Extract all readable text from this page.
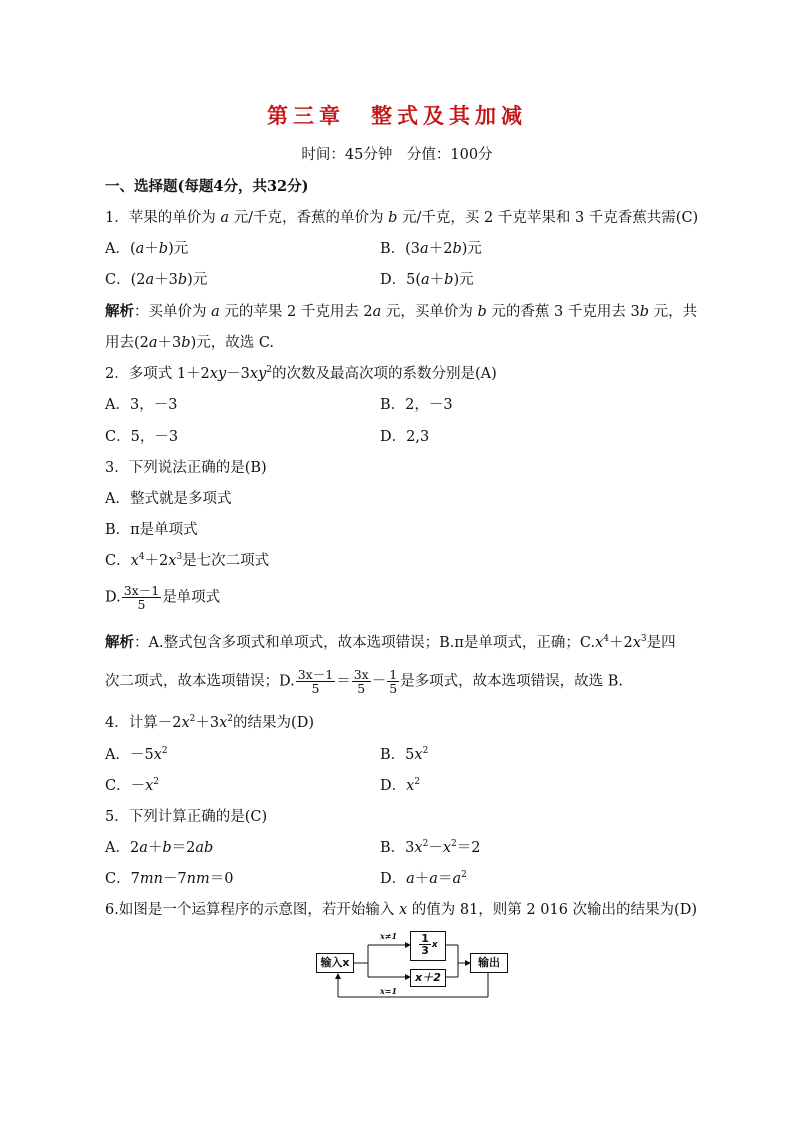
第三章 整式及其加减
时间：45分钟　分值：100分
一、选择题(每题4分，共32分)
1．苹果的单价为 a 元/千克，香蕉的单价为 b 元/千克，买 2 千克苹果和 3 千克香蕉共需(C)
A．(a＋b)元	B．(3a＋2b)元
C．(2a＋3b)元	D．5(a＋b)元
解析：买单价为 a 元的苹果 2 千克用去 2a 元，买单价为 b 元的香蕉 3 千克用去 3b 元，共
用去(2a＋3b)元，故选 C.
2．多项式 $1+2xy-3xy^2$的次数及最高次项的系数分别是(A)
A．3，－3	B．2，－3
C．5，－3	D．2,3
3．下列说法正确的是(B)
A．整式就是多项式
B．π是单项式
C．$x^4+2x^3$是七次二项式
D. $\frac{3x-1}{5}$ 是单项式
解析：A.整式包含多项式和单项式，故本选项错误；B.π是单项式，正确；$C.x^4+2x^3$是四
次二项式，故本选项错误；D. $\frac{3x-1}{5} = \frac{3x}{5} - \frac{1}{5}$ 是多项式，故本选项错误，故选 B.
4．计算$-2x^2+3x^2$的结果为(D)
A．$-5x^2$	B．$5x^2$
C．$-x^2$	D．$x^2$
5．下列计算正确的是(C)
A．2a＋b＝2ab	B．$3x^2-x^2=2$
C．7mn－7nm＝0	D．$a+a=a^2$
6.如图是一个运算程序的示意图，若开始输入 x 的值为 81，则第 2 016 次输出的结果为(D)
输入x
$\frac{1}{3}$ x
x＋2
输出
x≠1
x=1
